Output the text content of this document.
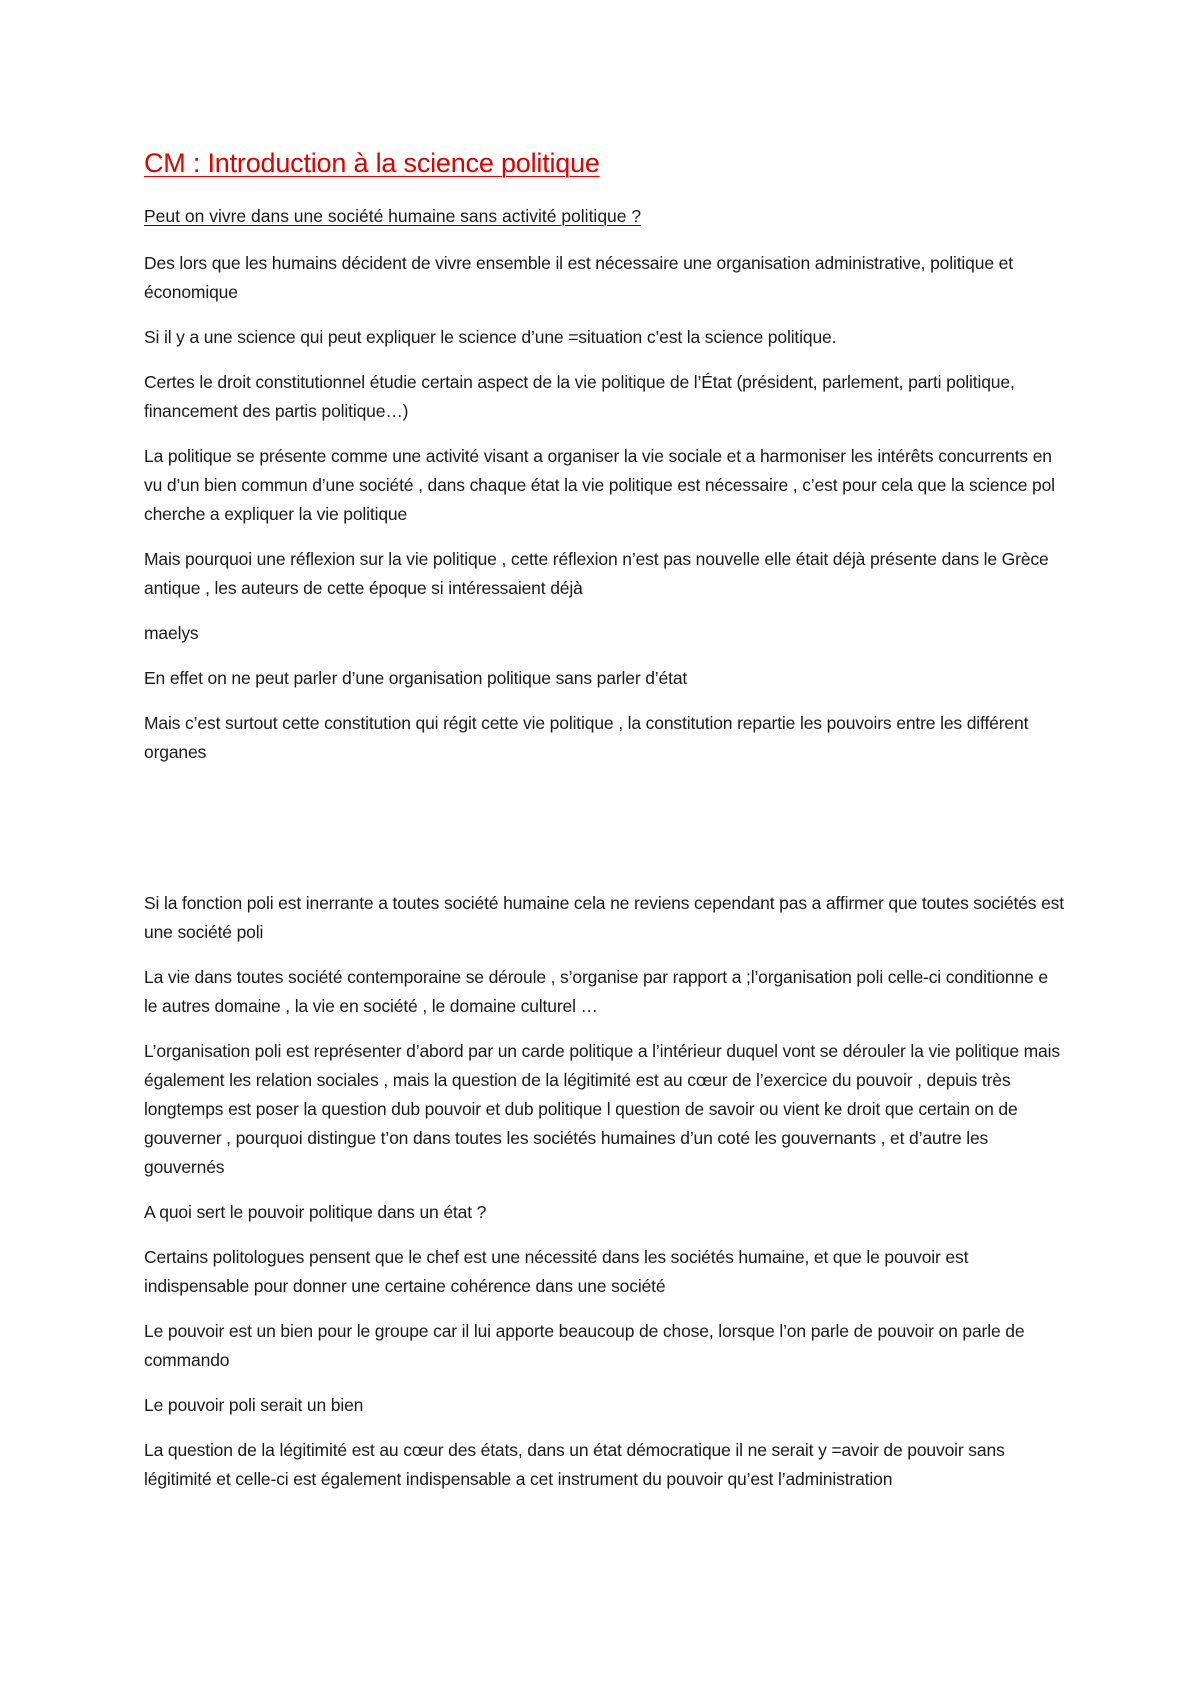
CM : Introduction à la science politique

Peut on vivre dans une société humaine sans activité politique ?

Des lors que les humains décident de vivre ensemble il est nécessaire une organisation administrative, politique et économique

Si il y a une science qui peut expliquer le science d’une =situation c’est la science politique.

Certes le droit constitutionnel étudie certain aspect de la vie politique de l’État (président, parlement, parti politique, financement des partis politique…)

La politique se présente comme une activité visant a organiser la vie sociale et a harmoniser les intérêts concurrents en vu d’un bien commun d’une société , dans chaque état la vie politique est nécessaire , c’est pour cela que la science pol cherche a expliquer la vie politique

Mais pourquoi une réflexion sur la vie politique , cette réflexion n’est pas nouvelle elle était déjà présente dans le Grèce antique , les auteurs de cette époque si intéressaient déjà

maelys

En effet on ne peut parler d’une organisation politique sans parler d’état

Mais c’est surtout cette constitution qui régit cette vie politique , la constitution repartie les pouvoirs entre les différent organes

Si la fonction poli est inerrante a toutes société humaine cela ne reviens cependant pas a affirmer que toutes sociétés est une société poli

La vie dans toutes société contemporaine se déroule , s’organise par rapport a ;l’organisation poli celle-ci conditionne e le autres domaine , la vie en société , le domaine culturel …

L’organisation poli est représenter d’abord par un carde politique a l’intérieur duquel vont se dérouler la vie politique mais également les relation sociales , mais la question de la légitimité est au cœur de l’exercice du pouvoir , depuis très longtemps est poser la question dub pouvoir et dub politique l question de savoir ou vient ke droit que certain on de gouverner , pourquoi distingue t’on dans toutes les sociétés humaines d’un coté les gouvernants , et d’autre les gouvernés

A quoi sert le pouvoir politique dans un état ?

Certains politologues pensent que le chef est une nécessité dans les sociétés humaine, et que le pouvoir est indispensable pour donner une certaine cohérence dans une société

Le pouvoir est un bien pour le groupe car il lui apporte beaucoup de chose, lorsque l’on parle de pouvoir on parle de commando

Le pouvoir poli serait un bien

La question de la légitimité est au cœur des états, dans un état démocratique il ne serait y =avoir de pouvoir sans légitimité et celle-ci est également indispensable a cet instrument du pouvoir qu’est l’administration
